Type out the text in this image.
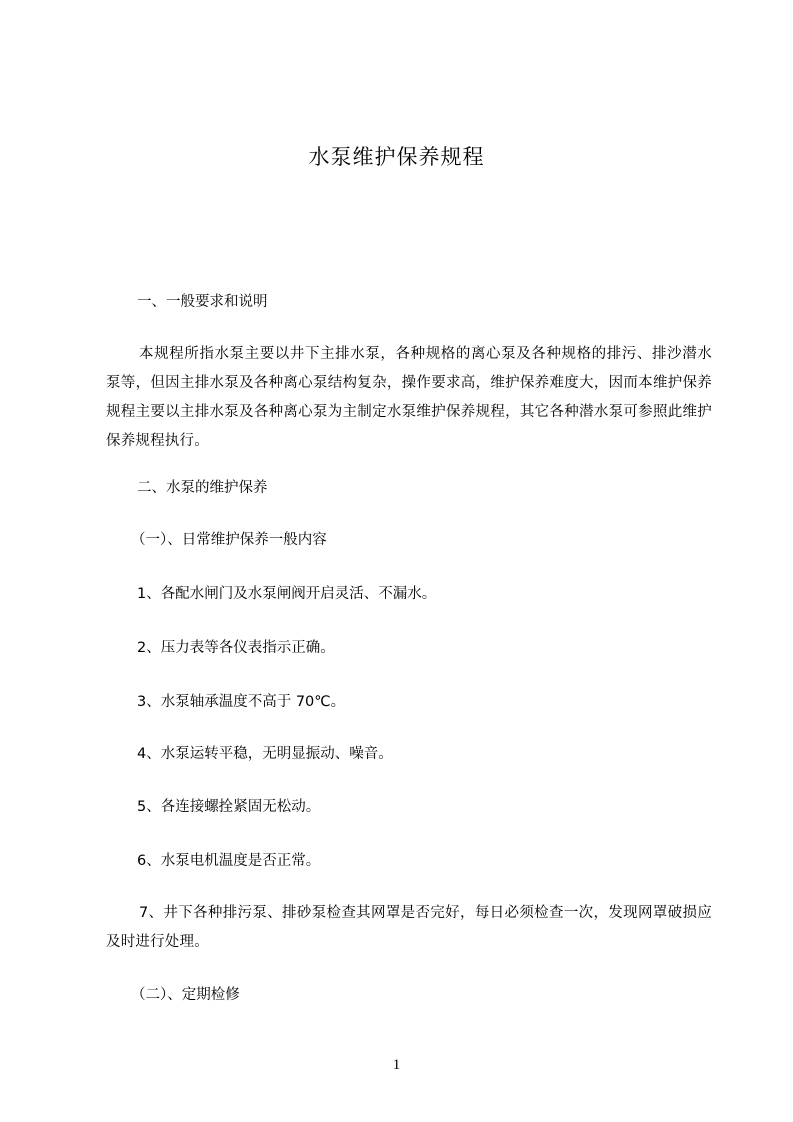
水泵维护保养规程
一、一般要求和说明
本规程所指水泵主要以井下主排水泵，各种规格的离心泵及各种规格的排污、排沙潜水泵等，但因主排水泵及各种离心泵结构复杂，操作要求高，维护保养难度大，因而本维护保养规程主要以主排水泵及各种离心泵为主制定水泵维护保养规程，其它各种潜水泵可参照此维护保养规程执行。
二、水泵的维护保养
（一）、日常维护保养一般内容
1、各配水闸门及水泵闸阀开启灵活、不漏水。
2、压力表等各仪表指示正确。
3、水泵轴承温度不高于 70℃。
4、水泵运转平稳，无明显振动、噪音。
5、各连接螺拴紧固无松动。
6、水泵电机温度是否正常。
7、井下各种排污泵、排砂泵检查其网罩是否完好，每日必须检查一次，发现网罩破损应及时进行处理。
（二）、定期检修
1
